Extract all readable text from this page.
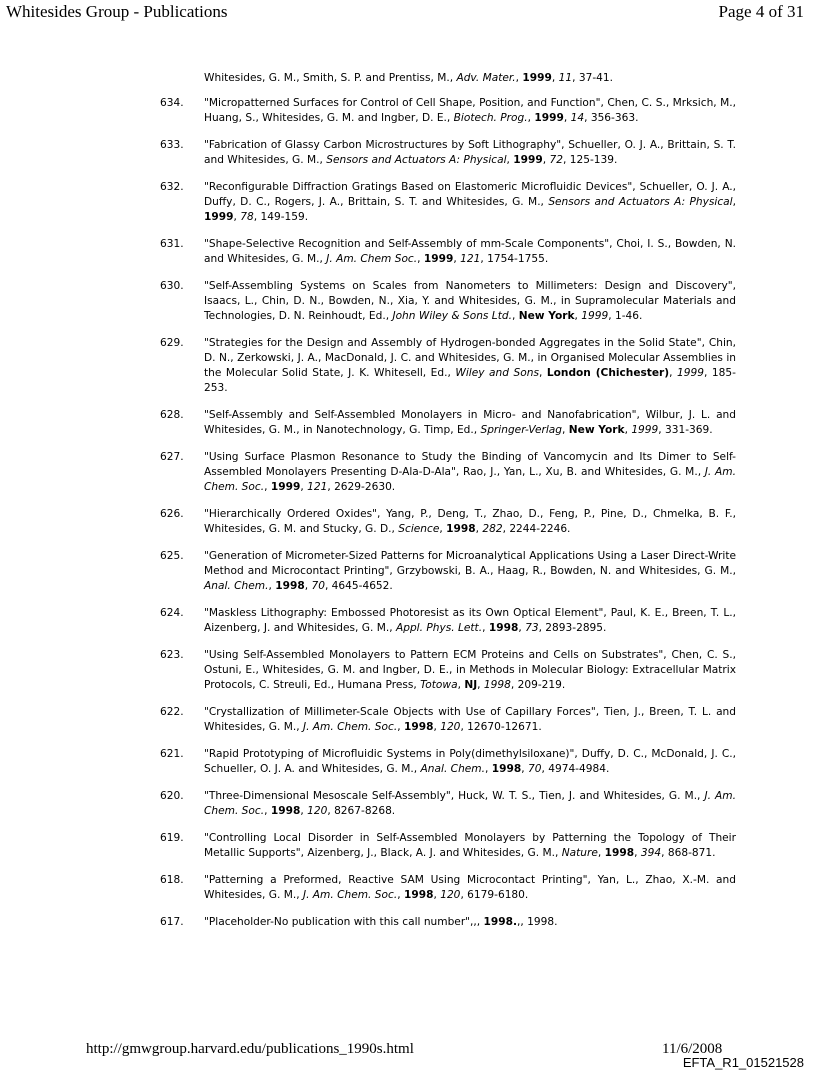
Whitesides Group - Publications	Page 4 of 31
Whitesides, G. M., Smith, S. P. and Prentiss, M., Adv. Mater., 1999, 11, 37-41.
634.	"Micropatterned Surfaces for Control of Cell Shape, Position, and Function", Chen, C. S., Mrksich, M., Huang, S., Whitesides, G. M. and Ingber, D. E., Biotech. Prog., 1999, 14, 356-363.
633.	"Fabrication of Glassy Carbon Microstructures by Soft Lithography", Schueller, O. J. A., Brittain, S. T. and Whitesides, G. M., Sensors and Actuators A: Physical, 1999, 72, 125-139.
632.	"Reconfigurable Diffraction Gratings Based on Elastomeric Microfluidic Devices", Schueller, O. J. A., Duffy, D. C., Rogers, J. A., Brittain, S. T. and Whitesides, G. M., Sensors and Actuators A: Physical, 1999, 78, 149-159.
631.	"Shape-Selective Recognition and Self-Assembly of mm-Scale Components", Choi, I. S., Bowden, N. and Whitesides, G. M., J. Am. Chem Soc., 1999, 121, 1754-1755.
630.	"Self-Assembling Systems on Scales from Nanometers to Millimeters: Design and Discovery", Isaacs, L., Chin, D. N., Bowden, N., Xia, Y. and Whitesides, G. M., in Supramolecular Materials and Technologies, D. N. Reinhoudt, Ed., John Wiley & Sons Ltd., New York, 1999, 1-46.
629.	"Strategies for the Design and Assembly of Hydrogen-bonded Aggregates in the Solid State", Chin, D. N., Zerkowski, J. A., MacDonald, J. C. and Whitesides, G. M., in Organised Molecular Assemblies in the Molecular Solid State, J. K. Whitesell, Ed., Wiley and Sons, London (Chichester), 1999, 185-253.
628.	"Self-Assembly and Self-Assembled Monolayers in Micro- and Nanofabrication", Wilbur, J. L. and Whitesides, G. M., in Nanotechnology, G. Timp, Ed., Springer-Verlag, New York, 1999, 331-369.
627.	"Using Surface Plasmon Resonance to Study the Binding of Vancomycin and Its Dimer to Self-Assembled Monolayers Presenting D-Ala-D-Ala", Rao, J., Yan, L., Xu, B. and Whitesides, G. M., J. Am. Chem. Soc., 1999, 121, 2629-2630.
626.	"Hierarchically Ordered Oxides", Yang, P., Deng, T., Zhao, D., Feng, P., Pine, D., Chmelka, B. F., Whitesides, G. M. and Stucky, G. D., Science, 1998, 282, 2244-2246.
625.	"Generation of Micrometer-Sized Patterns for Microanalytical Applications Using a Laser Direct-Write Method and Microcontact Printing", Grzybowski, B. A., Haag, R., Bowden, N. and Whitesides, G. M., Anal. Chem., 1998, 70, 4645-4652.
624.	"Maskless Lithography: Embossed Photoresist as its Own Optical Element", Paul, K. E., Breen, T. L., Aizenberg, J. and Whitesides, G. M., Appl. Phys. Lett., 1998, 73, 2893-2895.
623.	"Using Self-Assembled Monolayers to Pattern ECM Proteins and Cells on Substrates", Chen, C. S., Ostuni, E., Whitesides, G. M. and Ingber, D. E., in Methods in Molecular Biology: Extracellular Matrix Protocols, C. Streuli, Ed., Humana Press, Totowa, NJ, 1998, 209-219.
622.	"Crystallization of Millimeter-Scale Objects with Use of Capillary Forces", Tien, J., Breen, T. L. and Whitesides, G. M., J. Am. Chem. Soc., 1998, 120, 12670-12671.
621.	"Rapid Prototyping of Microfluidic Systems in Poly(dimethylsiloxane)", Duffy, D. C., McDonald, J. C., Schueller, O. J. A. and Whitesides, G. M., Anal. Chem., 1998, 70, 4974-4984.
620.	"Three-Dimensional Mesoscale Self-Assembly", Huck, W. T. S., Tien, J. and Whitesides, G. M., J. Am. Chem. Soc., 1998, 120, 8267-8268.
619.	"Controlling Local Disorder in Self-Assembled Monolayers by Patterning the Topology of Their Metallic Supports", Aizenberg, J., Black, A. J. and Whitesides, G. M., Nature, 1998, 394, 868-871.
618.	"Patterning a Preformed, Reactive SAM Using Microcontact Printing", Yan, L., Zhao, X.-M. and Whitesides, G. M., J. Am. Chem. Soc., 1998, 120, 6179-6180.
617.	"Placeholder-No publication with this call number",,, 1998.,, 1998.
http://gmwgroup.harvard.edu/publications_1990s.html	11/6/2008
EFTA_R1_01521528
